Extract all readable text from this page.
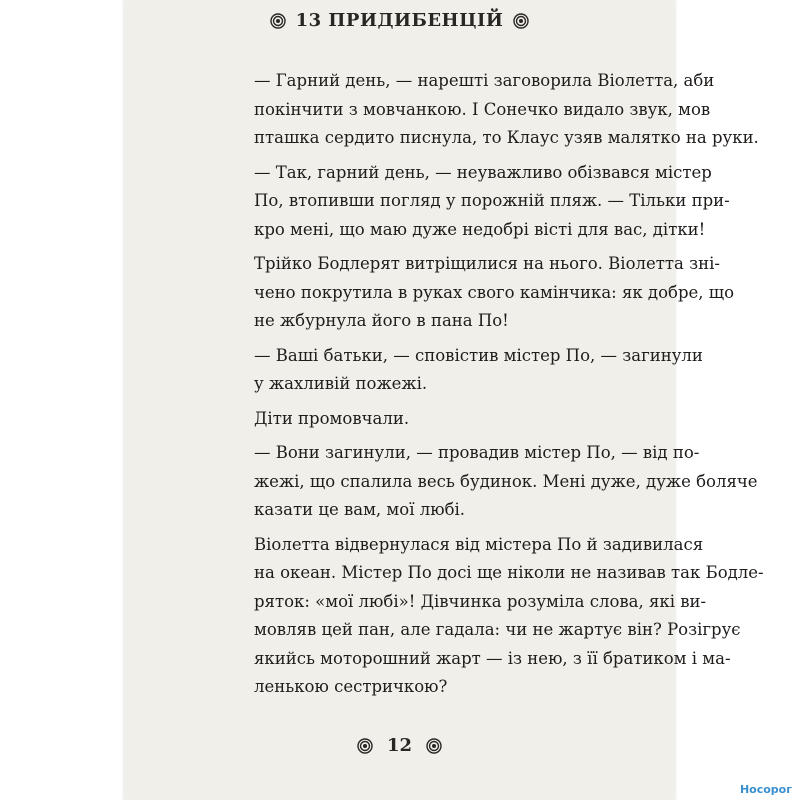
13 ПРИДИБЕНЦІЙ

— Гарний день, — нарешті заговорила Віолетта, аби
покінчити з мовчанкою. І Сонечко видало звук, мов
пташка сердито писнула, то Клаус узяв малятко на руки.

— Так, гарний день, — неуважливо обізвався містер
По, втопивши погляд у порожній пляж. — Тільки при-
кро мені, що маю дуже недобрі вісті для вас, дітки!

Трійко Бодлерят витріщилися на нього. Віолетта зні-
чено покрутила в руках свого камінчика: як добре, що
не жбурнула його в пана По!

— Ваші батьки, — сповістив містер По, — загинули
у жахливій пожежі.

Діти промовчали.

— Вони загинули, — провадив містер По, — від по-
жежі, що спалила весь будинок. Мені дуже, дуже боляче
казати це вам, мої любі.

Віолетта відвернулася від містера По й задивилася
на океан. Містер По досі ще ніколи не називав так Бодле-
ряток: «мої любі»! Дівчинка розуміла слова, які ви-
мовляв цей пан, але гадала: чи не жартує він? Розігрує
якийсь моторошний жарт — із нею, з її братиком і ма-
ленькою сестричкою?

12
Носорог
